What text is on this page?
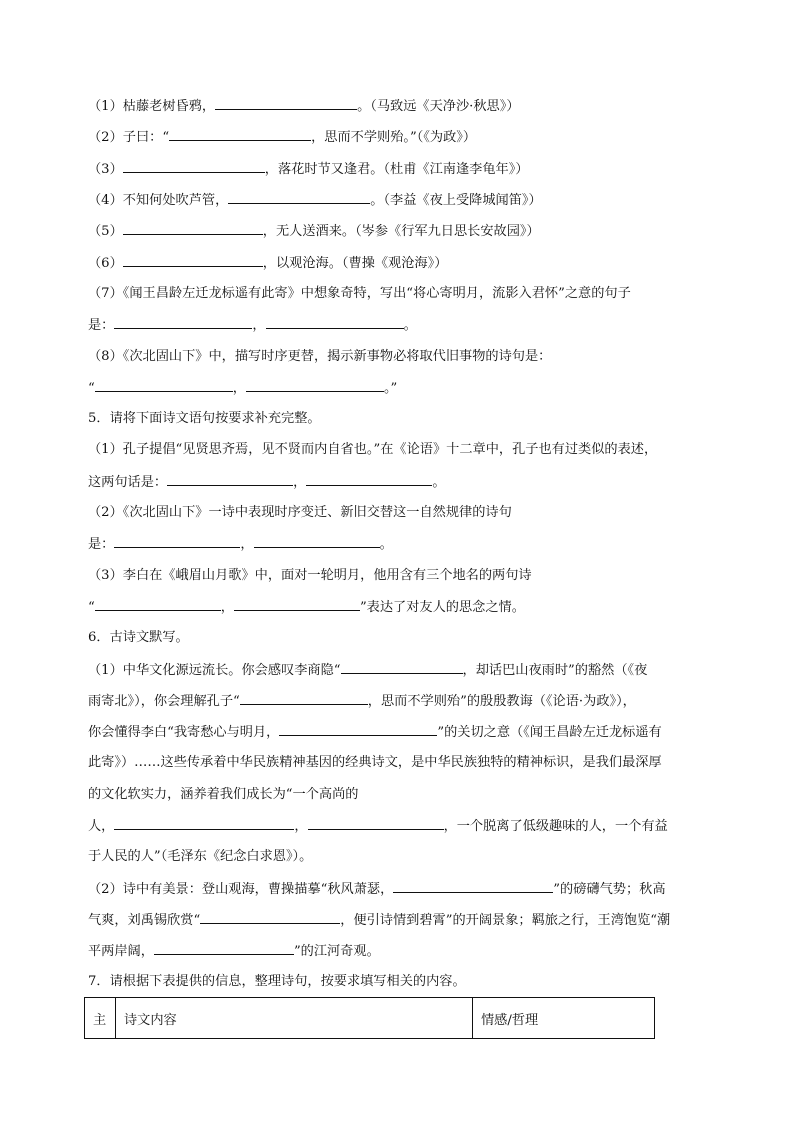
（1）枯藤老树昏鸦，	。（马致远《天净沙·秋思》）
（2）子曰：“	，思而不学则殆。”（《为政》）
（3）	，落花时节又逢君。（杜甫《江南逢李龟年》）
（4）不知何处吹芦管，	。（李益《夜上受降城闻笛》）
（5）	，无人送酒来。（岑参《行军九日思长安故园》）
（6）	，以观沧海。（曹操《观沧海》）
（7）《闻王昌龄左迁龙标遥有此寄》中想象奇特，写出“将心寄明月，流影入君怀”之意的句子
是：	，	。
（8）《次北固山下》中，描写时序更替，揭示新事物必将取代旧事物的诗句是：
“	，	。”
5．请将下面诗文语句按要求补充完整。
（1）孔子提倡“见贤思齐焉，见不贤而内自省也。”在《论语》十二章中，孔子也有过类似的表述，
这两句话是：	，	。
（2）《次北固山下》一诗中表现时序变迁、新旧交替这一自然规律的诗句
是：	，	。
（3）李白在《峨眉山月歌》中，面对一轮明月，他用含有三个地名的两句诗
“	，	”表达了对友人的思念之情。
6．古诗文默写。
（1）中华文化源远流长。你会感叹李商隐“	，却话巴山夜雨时”的豁然（《夜
雨寄北》），你会理解孔子“	，思而不学则殆”的殷殷教诲（《论语·为政》），
你会懂得李白“我寄愁心与明月，	”的关切之意（《闻王昌龄左迁龙标遥有
此寄》）……这些传承着中华民族精神基因的经典诗文，是中华民族独特的精神标识，是我们最深厚
的文化软实力，涵养着我们成长为“一个高尚的
人，	，	，一个脱离了低级趣味的人，一个有益
于人民的人”（毛泽东《纪念白求恩》）。
（2）诗中有美景：登山观海，曹操描摹“秋风萧瑟，	”的磅礴气势；秋高
气爽，刘禹锡欣赏“	，便引诗情到碧霄”的开阔景象；羁旅之行，王湾饱览“潮
平两岸阔，	”的江河奇观。
7．请根据下表提供的信息，整理诗句，按要求填写相关的内容。
主	诗文内容	情感/哲理
